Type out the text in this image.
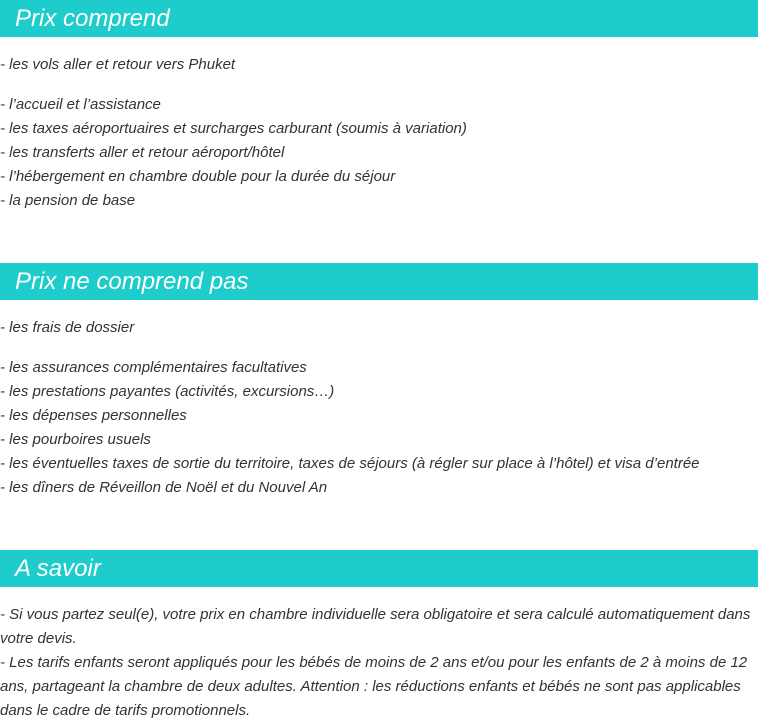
Prix comprend

- les vols aller et retour vers Phuket

- l’accueil et l’assistance

- les taxes aéroportuaires et surcharges carburant (soumis à variation)

- les transferts aller et retour aéroport/hôtel

- l’hébergement en chambre double pour la durée du séjour

- la pension de base

Prix ne comprend pas

- les frais de dossier

- les assurances complémentaires facultatives

- les prestations payantes (activités, excursions…)

- les dépenses personnelles

- les pourboires usuels

- les éventuelles taxes de sortie du territoire, taxes de séjours (à régler sur place à l’hôtel) et visa d’entrée

- les dîners de Réveillon de Noël et du Nouvel An

A savoir

- Si vous partez seul(e), votre prix en chambre individuelle sera obligatoire et sera calculé automatiquement dans votre devis.

- Les tarifs enfants seront appliqués pour les bébés de moins de 2 ans et/ou pour les enfants de 2 à moins de 12 ans, partageant la chambre de deux adultes. Attention : les réductions enfants et bébés ne sont pas applicables dans le cadre de tarifs promotionnels.
